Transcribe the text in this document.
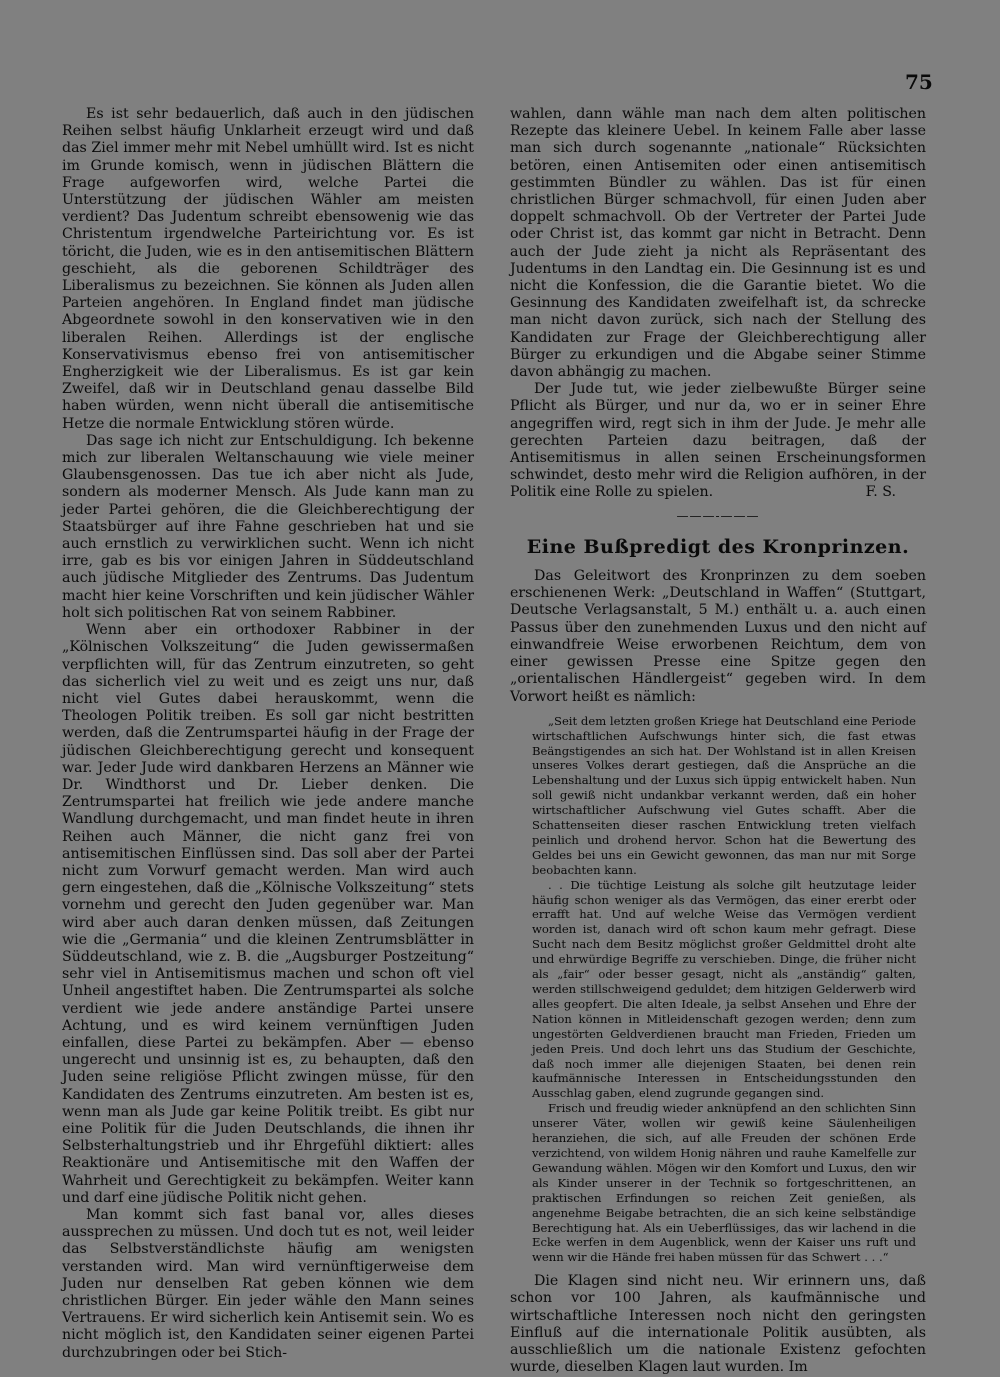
75

Es ist sehr bedauerlich, daß auch in den jüdischen Reihen selbst häufig Unklarheit erzeugt wird und daß das Ziel immer mehr mit Nebel umhüllt wird. Ist es nicht im Grunde komisch, wenn in jüdischen Blättern die Frage aufgeworfen wird, welche Partei die Unterstützung der jüdischen Wähler am meisten verdient? Das Judentum schreibt ebensowenig wie das Christentum irgendwelche Parteirichtung vor. Es ist töricht, die Juden, wie es in den antisemitischen Blättern geschieht, als die geborenen Schildträger des Liberalismus zu bezeichnen. Sie können als Juden allen Parteien angehören. In England findet man jüdische Abgeordnete sowohl in den konservativen wie in den liberalen Reihen. Allerdings ist der englische Konservativismus ebenso frei von antisemitischer Engherzigkeit wie der Liberalismus. Es ist gar kein Zweifel, daß wir in Deutschland genau dasselbe Bild haben würden, wenn nicht überall die antisemitische Hetze die normale Entwicklung stören würde.

Das sage ich nicht zur Entschuldigung. Ich bekenne mich zur liberalen Weltanschauung wie viele meiner Glaubensgenossen. Das tue ich aber nicht als Jude, sondern als moderner Mensch. Als Jude kann man zu jeder Partei gehören, die die Gleichberechtigung der Staatsbürger auf ihre Fahne geschrieben hat und sie auch ernstlich zu verwirklichen sucht. Wenn ich nicht irre, gab es bis vor einigen Jahren in Süddeutschland auch jüdische Mitglieder des Zentrums. Das Judentum macht hier keine Vorschriften und kein jüdischer Wähler holt sich politischen Rat von seinem Rabbiner.

Wenn aber ein orthodoxer Rabbiner in der „Kölnischen Volkszeitung“ die Juden gewissermaßen verpflichten will, für das Zentrum einzutreten, so geht das sicherlich viel zu weit und es zeigt uns nur, daß nicht viel Gutes dabei herauskommt, wenn die Theologen Politik treiben. Es soll gar nicht bestritten werden, daß die Zentrumspartei häufig in der Frage der jüdischen Gleichberechtigung gerecht und konsequent war. Jeder Jude wird dankbaren Herzens an Männer wie Dr. Windthorst und Dr. Lieber denken. Die Zentrumspartei hat freilich wie jede andere manche Wandlung durchgemacht, und man findet heute in ihren Reihen auch Männer, die nicht ganz frei von antisemitischen Einflüssen sind. Das soll aber der Partei nicht zum Vorwurf gemacht werden. Man wird auch gern eingestehen, daß die „Kölnische Volkszeitung“ stets vornehm und gerecht den Juden gegenüber war. Man wird aber auch daran denken müssen, daß Zeitungen wie die „Germania“ und die kleinen Zentrumsblätter in Süddeutschland, wie z. B. die „Augsburger Postzeitung“ sehr viel in Antisemitismus machen und schon oft viel Unheil angestiftet haben. Die Zentrumspartei als solche verdient wie jede andere anständige Partei unsere Achtung, und es wird keinem vernünftigen Juden einfallen, diese Partei zu bekämpfen. Aber — ebenso ungerecht und unsinnig ist es, zu behaupten, daß den Juden seine religiöse Pflicht zwingen müsse, für den Kandidaten des Zentrums einzutreten. Am besten ist es, wenn man als Jude gar keine Politik treibt. Es gibt nur eine Politik für die Juden Deutschlands, die ihnen ihr Selbsterhaltungstrieb und ihr Ehrgefühl diktiert: alles Reaktionäre und Antisemitische mit den Waffen der Wahrheit und Gerechtigkeit zu bekämpfen. Weiter kann und darf eine jüdische Politik nicht gehen.

Man kommt sich fast banal vor, alles dieses aussprechen zu müssen. Und doch tut es not, weil leider das Selbstverständlichste häufig am wenigsten verstanden wird. Man wird vernünftigerweise dem Juden nur denselben Rat geben können wie dem christlichen Bürger. Ein jeder wähle den Mann seines Vertrauens. Er wird sicherlich kein Antisemit sein. Wo es nicht möglich ist, den Kandidaten seiner eigenen Partei durchzubringen oder bei Stich-

wahlen, dann wähle man nach dem alten politischen Rezepte das kleinere Uebel. In keinem Falle aber lasse man sich durch sogenannte „nationale“ Rücksichten betören, einen Antisemiten oder einen antisemitisch gestimmten Bündler zu wählen. Das ist für einen christlichen Bürger schmachvoll, für einen Juden aber doppelt schmachvoll. Ob der Vertreter der Partei Jude oder Christ ist, das kommt gar nicht in Betracht. Denn auch der Jude zieht ja nicht als Repräsentant des Judentums in den Landtag ein. Die Gesinnung ist es und nicht die Konfession, die die Garantie bietet. Wo die Gesinnung des Kandidaten zweifelhaft ist, da schrecke man nicht davon zurück, sich nach der Stellung des Kandidaten zur Frage der Gleichberechtigung aller Bürger zu erkundigen und die Abgabe seiner Stimme davon abhängig zu machen.

Der Jude tut, wie jeder zielbewußte Bürger seine Pflicht als Bürger, und nur da, wo er in seiner Ehre angegriffen wird, regt sich in ihm der Jude. Je mehr alle gerechten Parteien dazu beitragen, daß der Antisemitismus in allen seinen Erscheinungsformen schwindet, desto mehr wird die Religion aufhören, in der Politik eine Rolle zu spielen.	F. S.

———-———
Eine Bußpredigt des Kronprinzen.

Das Geleitwort des Kronprinzen zu dem soeben erschienenen Werk: „Deutschland in Waffen“ (Stuttgart, Deutsche Verlagsanstalt, 5 M.) enthält u. a. auch einen Passus über den zunehmenden Luxus und den nicht auf einwandfreie Weise erworbenen Reichtum, dem von einer gewissen Presse eine Spitze gegen den „orientalischen Händlergeist“ gegeben wird. In dem Vorwort heißt es nämlich:

„Seit dem letzten großen Kriege hat Deutschland eine Periode wirtschaftlichen Aufschwungs hinter sich, die fast etwas Beängstigendes an sich hat. Der Wohlstand ist in allen Kreisen unseres Volkes derart gestiegen, daß die Ansprüche an die Lebenshaltung und der Luxus sich üppig entwickelt haben. Nun soll gewiß nicht undankbar verkannt werden, daß ein hoher wirtschaftlicher Aufschwung viel Gutes schafft. Aber die Schattenseiten dieser raschen Entwicklung treten vielfach peinlich und drohend hervor. Schon hat die Bewertung des Geldes bei uns ein Gewicht gewonnen, das man nur mit Sorge beobachten kann.

. . Die tüchtige Leistung als solche gilt heutzutage leider häufig schon weniger als das Vermögen, das einer ererbt oder errafft hat. Und auf welche Weise das Vermögen verdient worden ist, danach wird oft schon kaum mehr gefragt. Diese Sucht nach dem Besitz möglichst großer Geldmittel droht alte und ehrwürdige Begriffe zu verschieben. Dinge, die früher nicht als „fair“ oder besser gesagt, nicht als „anständig“ galten, werden stillschweigend geduldet; dem hitzigen Gelderwerb wird alles geopfert. Die alten Ideale, ja selbst Ansehen und Ehre der Nation können in Mitleidenschaft gezogen werden; denn zum ungestörten Geldverdienen braucht man Frieden, Frieden um jeden Preis. Und doch lehrt uns das Studium der Geschichte, daß noch immer alle diejenigen Staaten, bei denen rein kaufmännische Interessen in Entscheidungsstunden den Ausschlag gaben, elend zugrunde gegangen sind.

Frisch und freudig wieder anknüpfend an den schlichten Sinn unserer Väter, wollen wir gewiß keine Säulenheiligen heranziehen, die sich, auf alle Freuden der schönen Erde verzichtend, von wildem Honig nähren und rauhe Kamelfelle zur Gewandung wählen. Mögen wir den Komfort und Luxus, den wir als Kinder unserer in der Technik so fortgeschrittenen, an praktischen Erfindungen so reichen Zeit genießen, als angenehme Beigabe betrachten, die an sich keine selbständige Berechtigung hat. Als ein Ueberflüssiges, das wir lachend in die Ecke werfen in dem Augenblick, wenn der Kaiser uns ruft und wenn wir die Hände frei haben müssen für das Schwert . . .“

Die Klagen sind nicht neu. Wir erinnern uns, daß schon vor 100 Jahren, als kaufmännische und wirtschaftliche Interessen noch nicht den geringsten Einfluß auf die internationale Politik ausübten, als ausschließlich um die nationale Existenz gefochten wurde, dieselben Klagen laut wurden. Im
